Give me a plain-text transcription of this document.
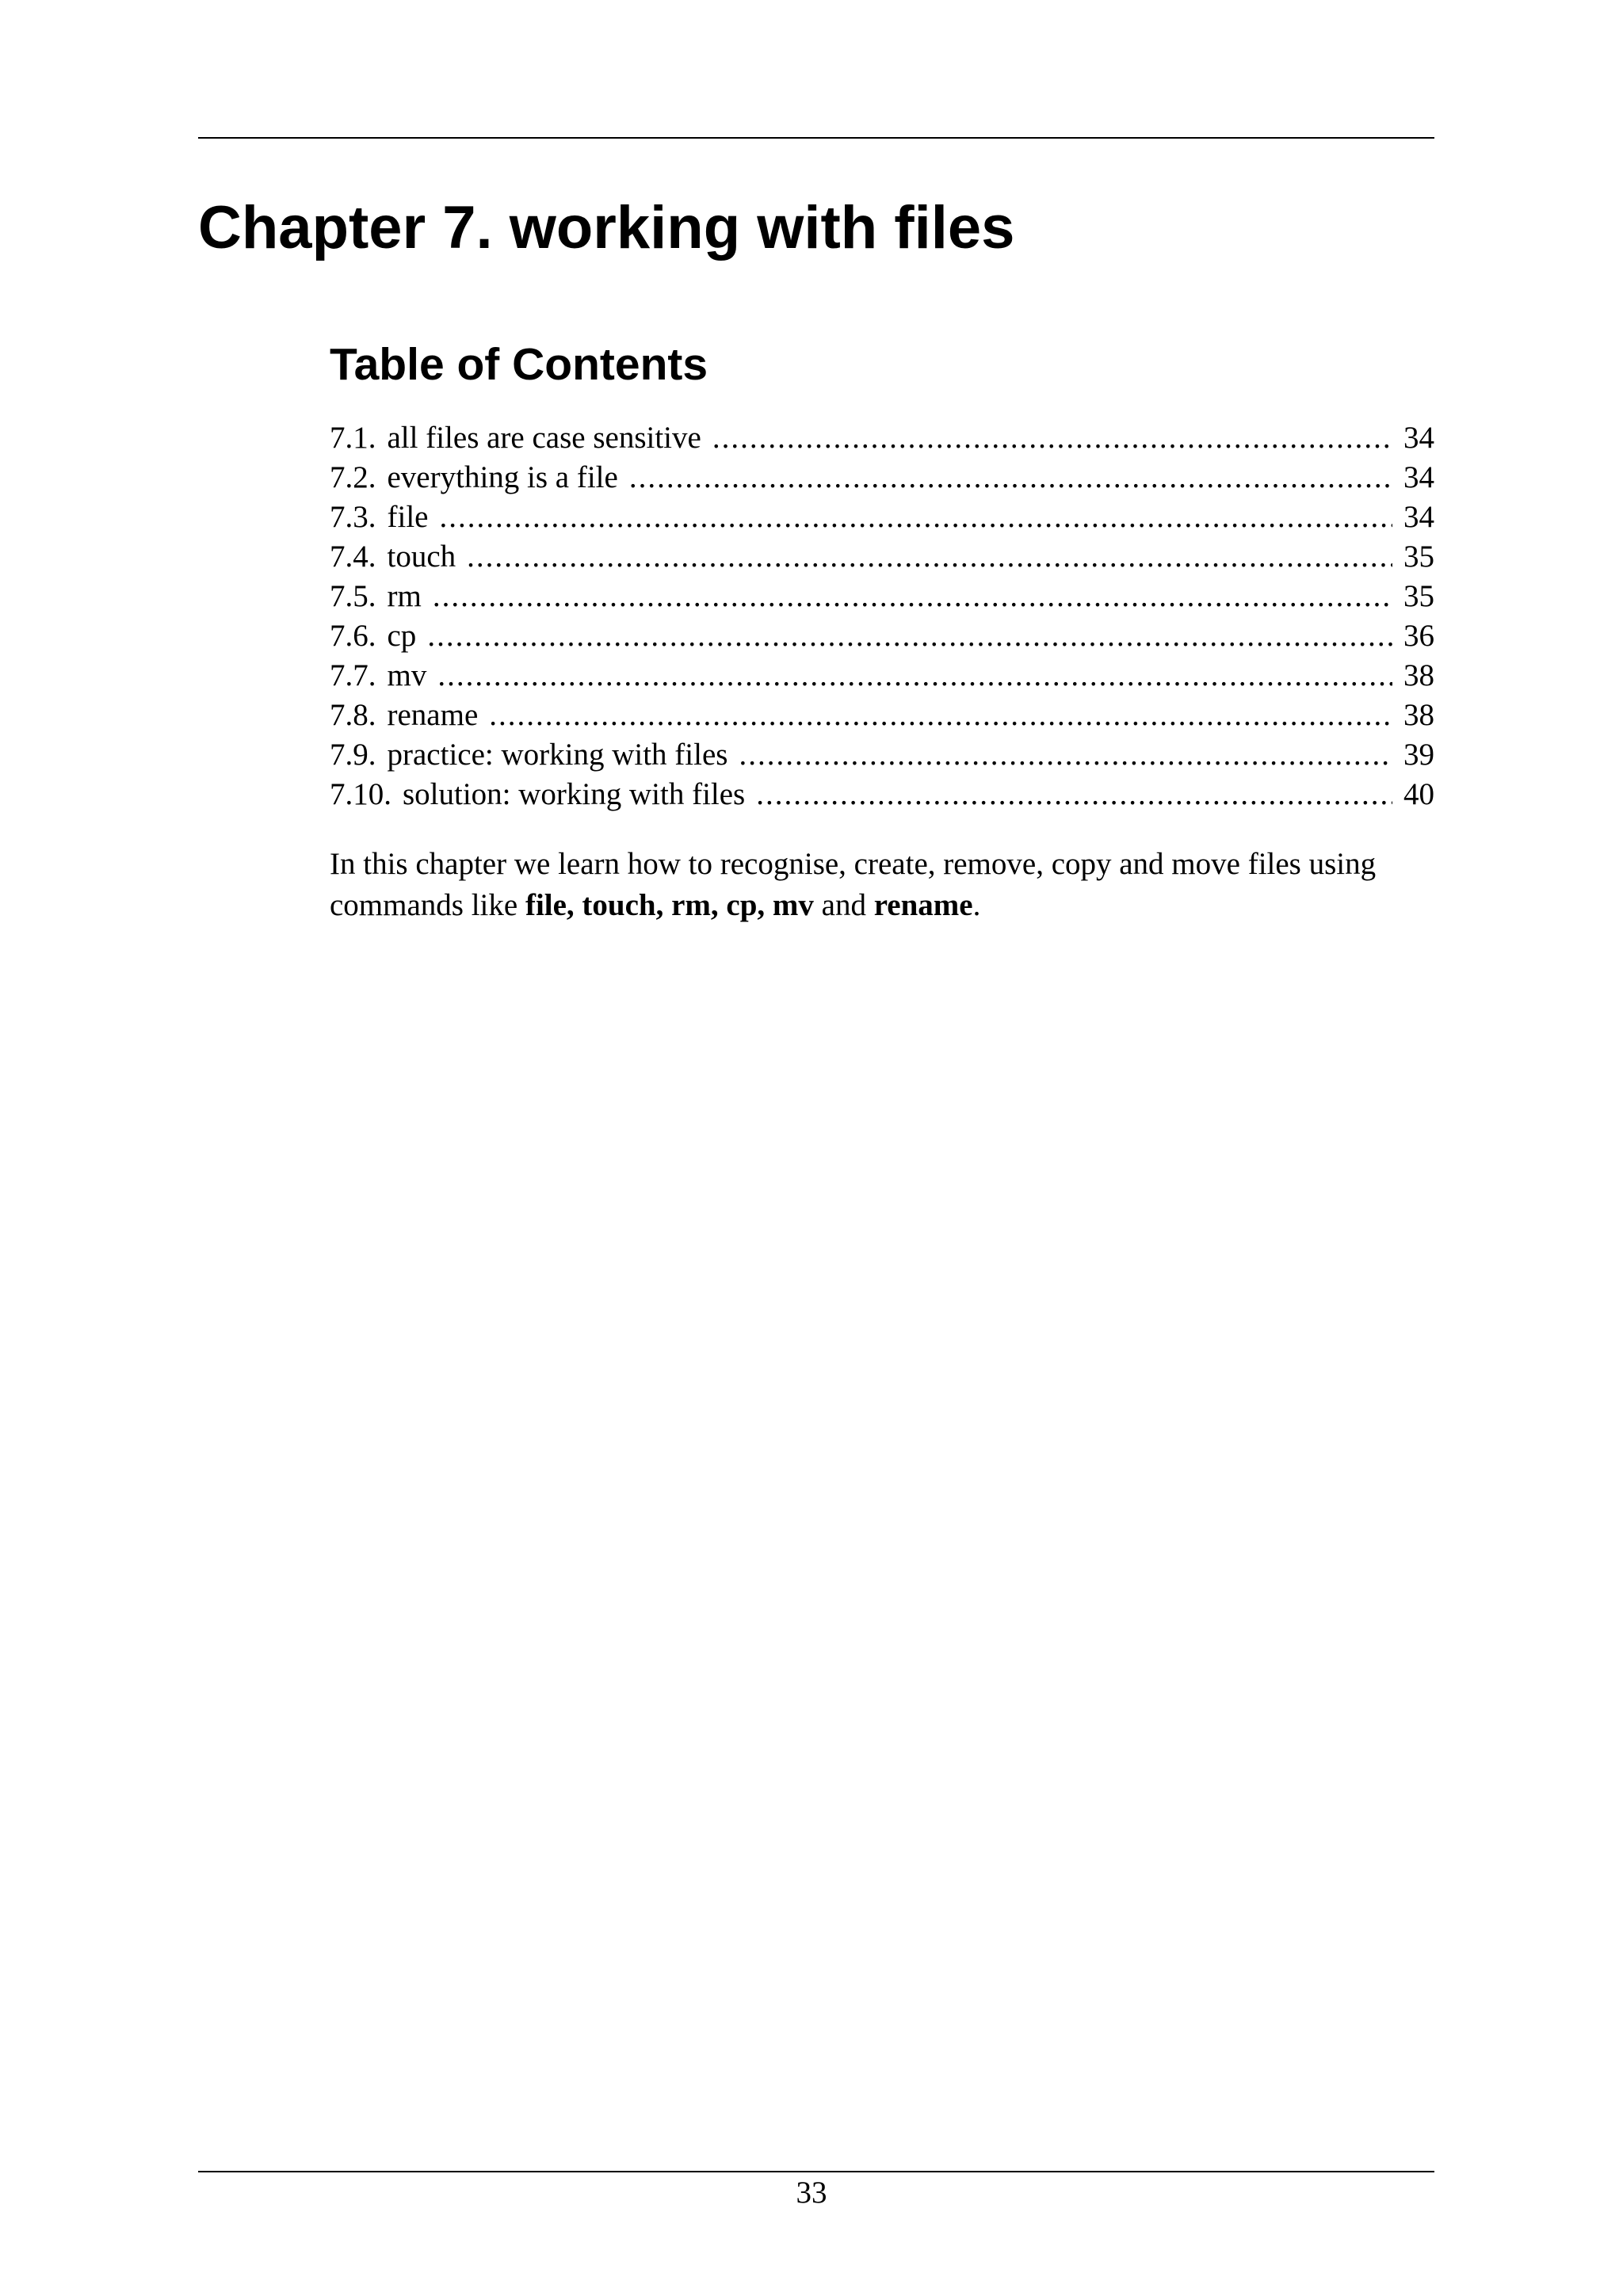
Chapter 7. working with files
Table of Contents
7.1. all files are case sensitive .....	34
7.2. everything is a file .....	34
7.3. file .....	34
7.4. touch .....	35
7.5. rm .....	35
7.6. cp .....	36
7.7. mv .....	38
7.8. rename .....	38
7.9. practice: working with files .....	39
7.10. solution: working with files .....	40

In this chapter we learn how to recognise, create, remove, copy and move files using commands like file, touch, rm, cp, mv and rename.

33
